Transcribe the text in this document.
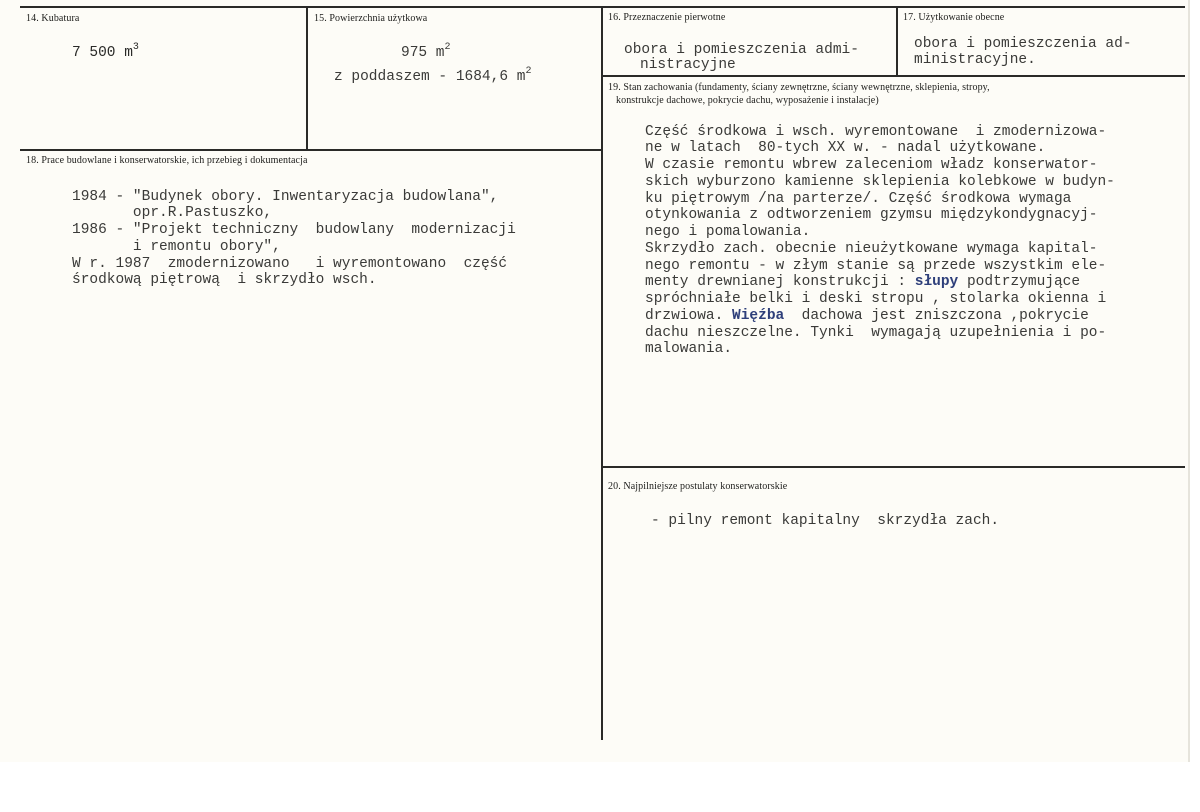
14. Kubatura
7 500 $m^3$
15. Powierzchnia użytkowa
975 $m^2$
z poddaszem - 1684,6 $m^2$
16. Przeznaczenie pierwotne
obora i pomieszczenia admi-
nistracyjne
17. Użytkowanie obecne
obora i pomieszczenia ad-
ministracyjne.
18. Prace budowlane i konserwatorskie, ich przebieg i dokumentacja
1984 - "Budynek obory. Inwentaryzacja budowlana",
opr.R.Pastuszko,
1986 - "Projekt techniczny  budowlany  modernizacji
i remontu obory",
W r. 1987  zmodernizowano   i wyremontowano  część
środkową piętrową  i skrzydło wsch.
19. Stan zachowania (fundamenty, ściany zewnętrzne, ściany wewnętrzne, sklepienia, stropy,
konstrukcje dachowe, pokrycie dachu, wyposażenie i instalacje)
Część środkowa i wsch. wyremontowane  i zmodernizowa-
ne w latach  80-tych XX w. - nadal użytkowane.
W czasie remontu wbrew zaleceniom władz konserwator-
skich wyburzono kamienne sklepienia kolebkowe w budyn-
ku piętrowym /na parterze/. Część środkowa wymaga
otynkowania z odtworzeniem gzymsu międzykondygnacyj-
nego i pomalowania.
Skrzydło zach. obecnie nieużytkowane wymaga kapital-
nego remontu - w złym stanie są przede wszystkim ele-
menty drewnianej konstrukcji : słupy podtrzymujące
spróchniałe belki i deski stropu , stolarka okienna i
drzwiowa. Więźba  dachowa jest zniszczona ,pokrycie
dachu nieszczelne. Tynki  wymagają uzupełnienia i po-
malowania.
20. Najpilniejsze postulaty konserwatorskie
- pilny remont kapitalny  skrzydła zach.
